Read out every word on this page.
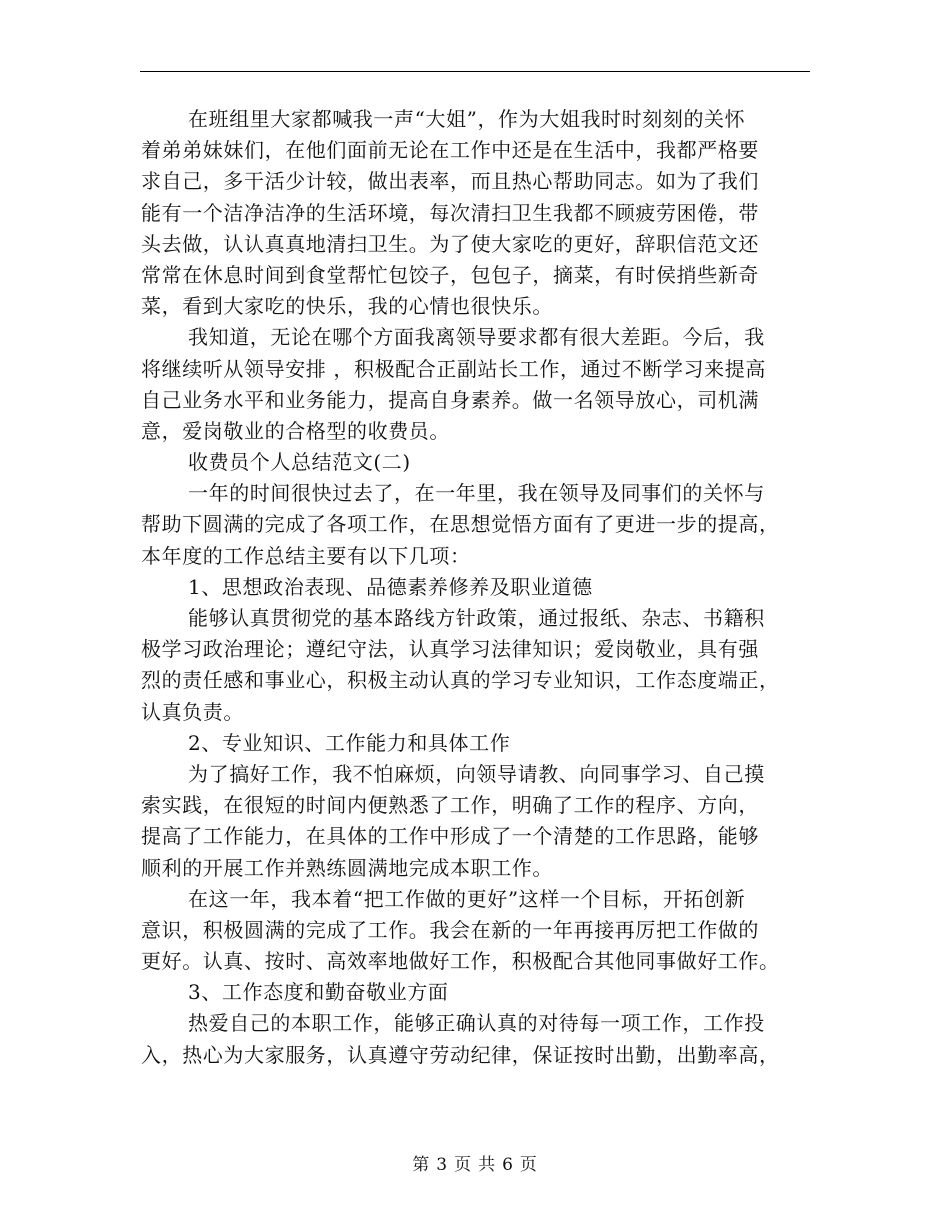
在班组里大家都喊我一声“大姐”，作为大姐我时时刻刻的关怀
着弟弟妹妹们，在他们面前无论在工作中还是在生活中，我都严格要
求自己，多干活少计较，做出表率，而且热心帮助同志。如为了我们
能有一个洁净洁净的生活环境，每次清扫卫生我都不顾疲劳困倦，带
头去做，认认真真地清扫卫生。为了使大家吃的更好，辞职信范文还
常常在休息时间到食堂帮忙包饺子，包包子，摘菜，有时侯捎些新奇
菜，看到大家吃的快乐，我的心情也很快乐。
我知道，无论在哪个方面我离领导要求都有很大差距。今后，我
将继续听从领导安排 ，积极配合正副站长工作，通过不断学习来提高
自己业务水平和业务能力，提高自身素养。做一名领导放心，司机满
意，爱岗敬业的合格型的收费员。
收费员个人总结范文(二)
一年的时间很快过去了，在一年里，我在领导及同事们的关怀与
帮助下圆满的完成了各项工作，在思想觉悟方面有了更进一步的提高，
本年度的工作总结主要有以下几项：
1、思想政治表现、品德素养修养及职业道德
能够认真贯彻党的基本路线方针政策，通过报纸、杂志、书籍积
极学习政治理论；遵纪守法，认真学习法律知识；爱岗敬业，具有强
烈的责任感和事业心，积极主动认真的学习专业知识，工作态度端正，
认真负责。
2、专业知识、工作能力和具体工作
为了搞好工作，我不怕麻烦，向领导请教、向同事学习、自己摸
索实践，在很短的时间内便熟悉了工作，明确了工作的程序、方向，
提高了工作能力，在具体的工作中形成了一个清楚的工作思路，能够
顺利的开展工作并熟练圆满地完成本职工作。
在这一年，我本着“把工作做的更好”这样一个目标，开拓创新
意识，积极圆满的完成了工作。我会在新的一年再接再厉把工作做的
更好。认真、按时、高效率地做好工作，积极配合其他同事做好工作。
3、工作态度和勤奋敬业方面
热爱自己的本职工作，能够正确认真的对待每一项工作，工作投
入，热心为大家服务，认真遵守劳动纪律，保证按时出勤，出勤率高，
第 3 页 共 6 页
